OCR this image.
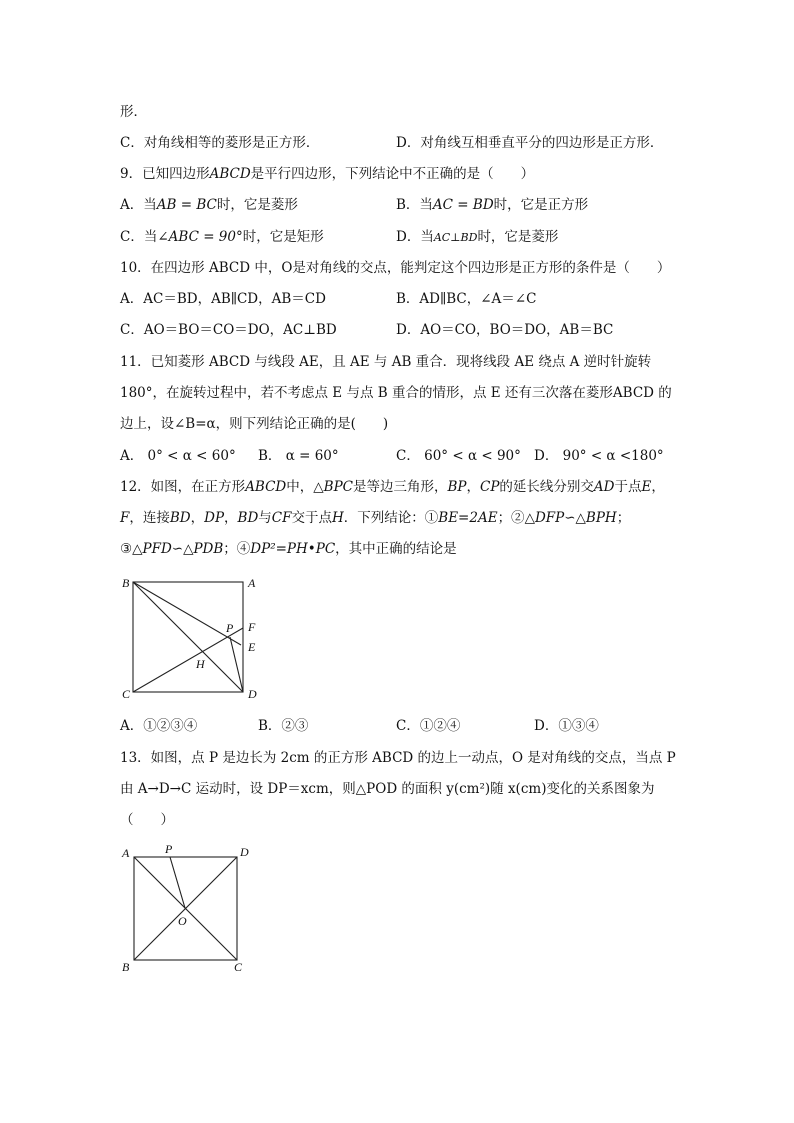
形．
C．对角线相等的菱形是正方形．	D．对角线互相垂直平分的四边形是正方形．
9．已知四边形ABCD是平行四边形，下列结论中不正确的是（　　）
A．当AB = BC时，它是菱形	B．当AC = BD时，它是正方形
C．当∠ABC = 90°时，它是矩形	D．当AC⊥BD时，它是菱形
10．在四边形 ABCD 中，O是对角线的交点，能判定这个四边形是正方形的条件是（　　）
A．AC＝BD，AB∥CD，AB＝CD	B．AD∥BC，∠A＝∠C
C．AO＝BO＝CO＝DO，AC⊥BD	D．AO＝CO，BO＝DO，AB＝BC
11．已知菱形 ABCD 与线段 AE，且 AE 与 AB 重合．现将线段 AE 绕点 A 逆时针旋转
180°，在旋转过程中，若不考虑点 E 与点 B 重合的情形，点 E 还有三次落在菱形ABCD 的
边上，设∠B=α，则下列结论正确的是(　　)
A． 0° < α < 60° B． α = 60°	C． 60° < α < 90° D． 90° < α <180°
12．如图，在正方形ABCD中，△BPC是等边三角形，BP，CP的延长线分别交AD于点E，
F，连接BD，DP，BD与CF交于点H．下列结论：①BE=2AE；②△DFP∽△BPH；
③△PFD∽△PDB；④DP²=PH•PC，其中正确的结论是
B	A
C	D
P F
E
H
A．①②③④	B．②③	C．①②④	D．①③④
13．如图，点 P 是边长为 2cm 的正方形 ABCD 的边上一动点，O 是对角线的交点，当点 P
由 A→D→C 运动时，设 DP＝xcm，则△POD 的面积 y(cm²)随 x(cm)变化的关系图象为
（　　）
A	P	D
O
B	C
